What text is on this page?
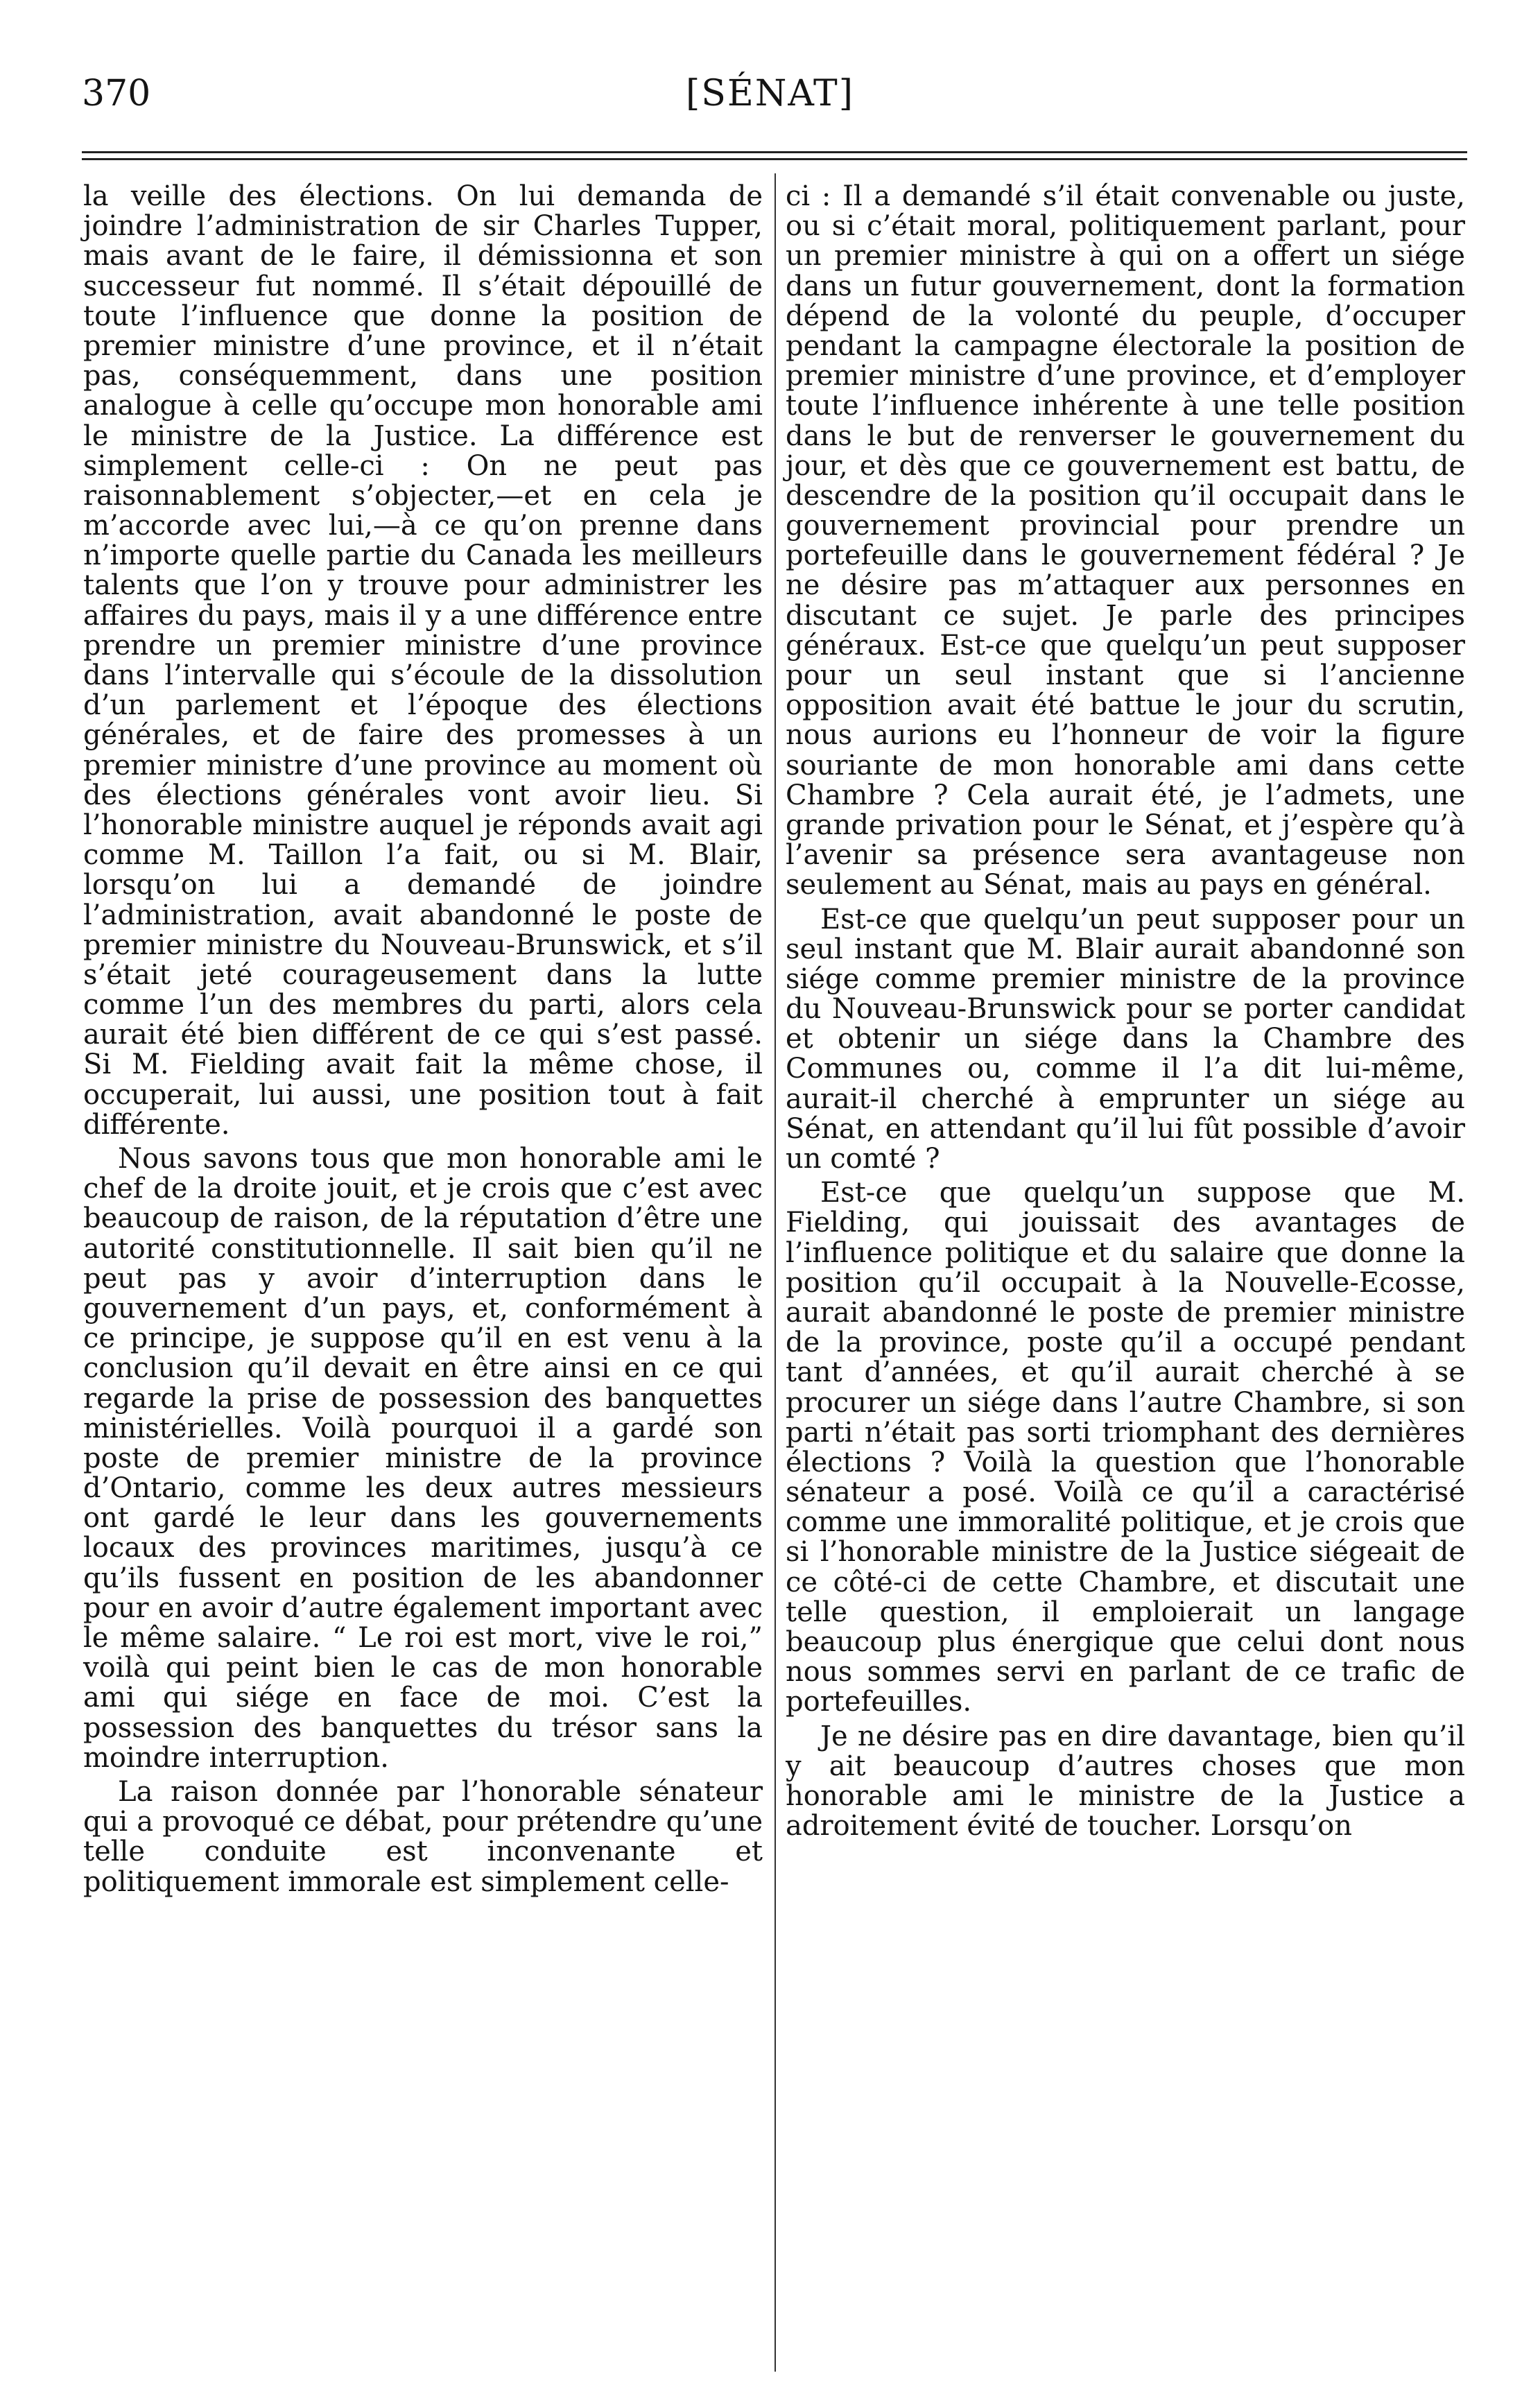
370	[SÉNAT]

la veille des élections. On lui demanda de joindre l’administration de sir Charles Tupper, mais avant de le faire, il démissionna et son successeur fut nommé. Il s’était dépouillé de toute l’influence que donne la position de premier ministre d’une province, et il n’était pas, conséquemment, dans une position analogue à celle qu’occupe mon honorable ami le ministre de la Justice. La différence est simplement celle-ci : On ne peut pas raisonnablement s’objecter,—et en cela je m’accorde avec lui,—à ce qu’on prenne dans n’importe quelle partie du Canada les meilleurs talents que l’on y trouve pour administrer les affaires du pays, mais il y a une différence entre prendre un premier ministre d’une province dans l’intervalle qui s’écoule de la dissolution d’un parlement et l’époque des élections générales, et de faire des promesses à un premier ministre d’une province au moment où des élections générales vont avoir lieu. Si l’honorable ministre auquel je réponds avait agi comme M. Taillon l’a fait, ou si M. Blair, lorsqu’on lui a demandé de joindre l’administration, avait abandonné le poste de premier ministre du Nouveau-Brunswick, et s’il s’était jeté courageusement dans la lutte comme l’un des membres du parti, alors cela aurait été bien différent de ce qui s’est passé. Si M. Fielding avait fait la même chose, il occuperait, lui aussi, une position tout à fait différente.

Nous savons tous que mon honorable ami le chef de la droite jouit, et je crois que c’est avec beaucoup de raison, de la réputation d’être une autorité constitutionnelle. Il sait bien qu’il ne peut pas y avoir d’interruption dans le gouvernement d’un pays, et, conformément à ce principe, je suppose qu’il en est venu à la conclusion qu’il devait en être ainsi en ce qui regarde la prise de possession des banquettes ministérielles. Voilà pourquoi il a gardé son poste de premier ministre de la province d’Ontario, comme les deux autres messieurs ont gardé le leur dans les gouvernements locaux des provinces maritimes, jusqu’à ce qu’ils fussent en position de les abandonner pour en avoir d’autre également important avec le même salaire. “ Le roi est mort, vive le roi,” voilà qui peint bien le cas de mon honorable ami qui siége en face de moi. C’est la possession des banquettes du trésor sans la moindre interruption.

La raison donnée par l’honorable sénateur qui a provoqué ce débat, pour prétendre qu’une telle conduite est inconvenante et politiquement immorale est simplement celle-

ci : Il a demandé s’il était convenable ou juste, ou si c’était moral, politiquement parlant, pour un premier ministre à qui on a offert un siége dans un futur gouvernement, dont la formation dépend de la volonté du peuple, d’occuper pendant la campagne électorale la position de premier ministre d’une province, et d’employer toute l’influence inhérente à une telle position dans le but de renverser le gouvernement du jour, et dès que ce gouvernement est battu, de descendre de la position qu’il occupait dans le gouvernement provincial pour prendre un portefeuille dans le gouvernement fédéral ? Je ne désire pas m’attaquer aux personnes en discutant ce sujet. Je parle des principes généraux. Est-ce que quelqu’un peut supposer pour un seul instant que si l’ancienne opposition avait été battue le jour du scrutin, nous aurions eu l’honneur de voir la figure souriante de mon honorable ami dans cette Chambre ? Cela aurait été, je l’admets, une grande privation pour le Sénat, et j’espère qu’à l’avenir sa présence sera avantageuse non seulement au Sénat, mais au pays en général.

Est-ce que quelqu’un peut supposer pour un seul instant que M. Blair aurait abandonné son siége comme premier ministre de la province du Nouveau-Brunswick pour se porter candidat et obtenir un siége dans la Chambre des Communes ou, comme il l’a dit lui-même, aurait-il cherché à emprunter un siége au Sénat, en attendant qu’il lui fût possible d’avoir un comté ?

Est-ce que quelqu’un suppose que M. Fielding, qui jouissait des avantages de l’influence politique et du salaire que donne la position qu’il occupait à la Nouvelle-Ecosse, aurait abandonné le poste de premier ministre de la province, poste qu’il a occupé pendant tant d’années, et qu’il aurait cherché à se procurer un siége dans l’autre Chambre, si son parti n’était pas sorti triomphant des dernières élections ? Voilà la question que l’honorable sénateur a posé. Voilà ce qu’il a caractérisé comme une immoralité politique, et je crois que si l’honorable ministre de la Justice siégeait de ce côté-ci de cette Chambre, et discutait une telle question, il emploierait un langage beaucoup plus énergique que celui dont nous nous sommes servi en parlant de ce trafic de portefeuilles.

Je ne désire pas en dire davantage, bien qu’il y ait beaucoup d’autres choses que mon honorable ami le ministre de la Justice a adroitement évité de toucher. Lorsqu’on
